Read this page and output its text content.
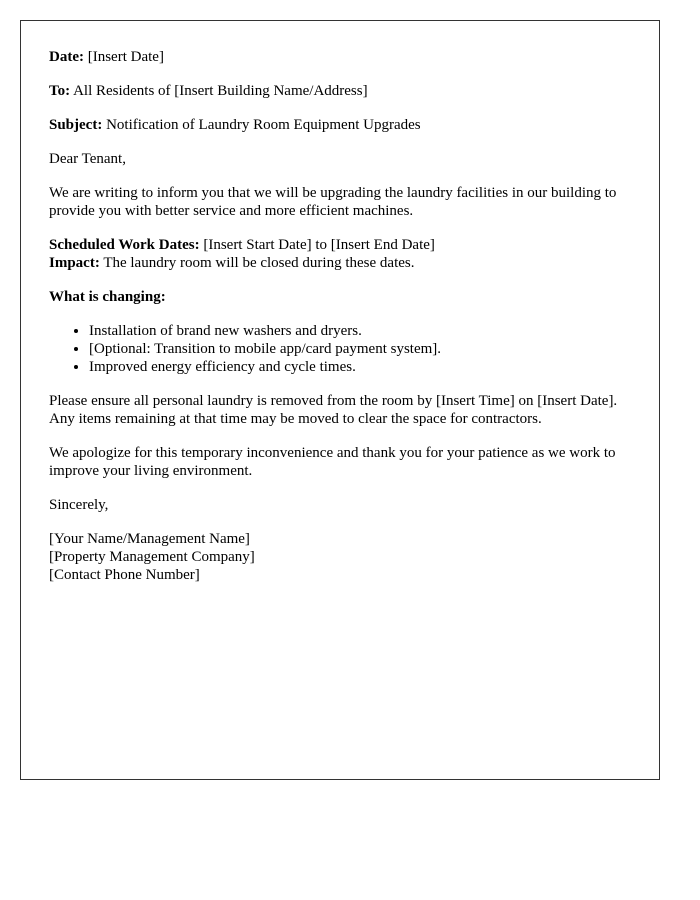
Date: [Insert Date]

To: All Residents of [Insert Building Name/Address]

Subject: Notification of Laundry Room Equipment Upgrades

Dear Tenant,

We are writing to inform you that we will be upgrading the laundry facilities in our building to provide you with better service and more efficient machines.

Scheduled Work Dates: [Insert Start Date] to [Insert End Date]
Impact: The laundry room will be closed during these dates.

What is changing:

• Installation of brand new washers and dryers.
• [Optional: Transition to mobile app/card payment system].
• Improved energy efficiency and cycle times.

Please ensure all personal laundry is removed from the room by [Insert Time] on [Insert Date]. Any items remaining at that time may be moved to clear the space for contractors.

We apologize for this temporary inconvenience and thank you for your patience as we work to improve your living environment.

Sincerely,

[Your Name/Management Name]

[Property Management Company]

[Contact Phone Number]
